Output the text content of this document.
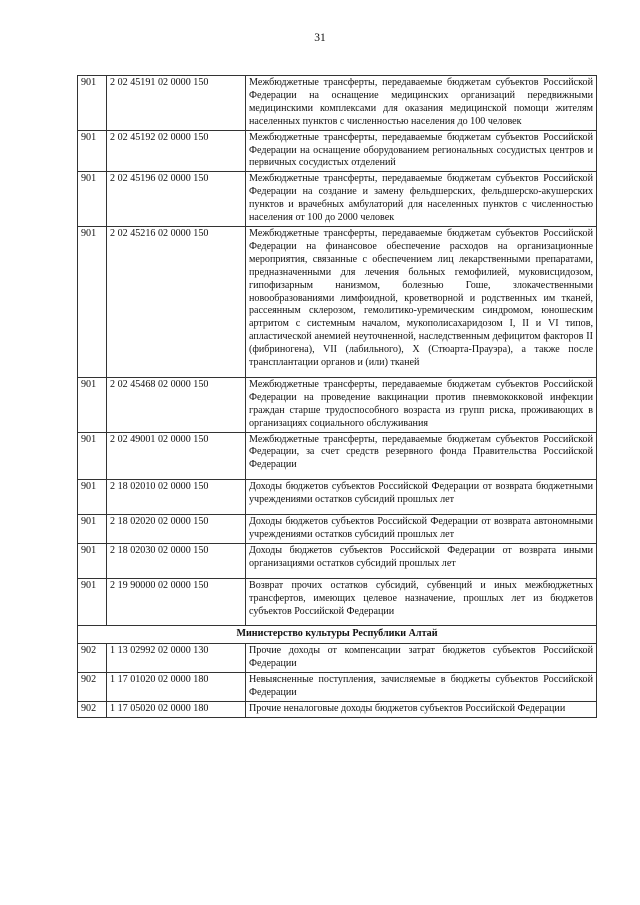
31
901	2 02 45191 02 0000 150	Межбюджетные трансферты, передаваемые бюджетам субъектов Российской Федерации на оснащение медицинских организаций передвижными медицинскими комплексами для оказания медицинской помощи жителям населенных пунктов с численностью населения до 100 человек
901	2 02 45192 02 0000 150	Межбюджетные трансферты, передаваемые бюджетам субъектов Российской Федерации на оснащение оборудованием региональных сосудистых центров и первичных сосудистых отделений
901	2 02 45196 02 0000 150	Межбюджетные трансферты, передаваемые бюджетам субъектов Российской Федерации на создание и замену фельдшерских, фельдшерско-акушерских пунктов и врачебных амбулаторий для населенных пунктов с численностью населения от 100 до 2000 человек
901	2 02 45216 02 0000 150	Межбюджетные трансферты, передаваемые бюджетам субъектов Российской Федерации на финансовое обеспечение расходов на организационные мероприятия, связанные с обеспечением лиц лекарственными препаратами, предназначенными для лечения больных гемофилией, муковисцидозом, гипофизарным нанизмом, болезнью Гоше, злокачественными новообразованиями лимфоидной, кроветворной и родственных им тканей, рассеянным склерозом, гемолитико-уремическим синдромом, юношеским артритом с системным началом, мукополисахаридозом I, II и VI типов, апластической анемией неуточненной, наследственным дефицитом факторов II (фибриногена), VII (лабильного), X (Стюарта-Прауэра), а также после трансплантации органов и (или) тканей
901	2 02 45468 02 0000 150	Межбюджетные трансферты, передаваемые бюджетам субъектов Российской Федерации на проведение вакцинации против пневмококковой инфекции граждан старше трудоспособного возраста из групп риска, проживающих в организациях социального обслуживания
901	2 02 49001 02 0000 150	Межбюджетные трансферты, передаваемые бюджетам субъектов Российской Федерации, за счет средств резервного фонда Правительства Российской Федерации
901	2 18 02010 02 0000 150	Доходы бюджетов субъектов Российской Федерации от возврата бюджетными учреждениями остатков субсидий прошлых лет
901	2 18 02020 02 0000 150	Доходы бюджетов субъектов Российской Федерации от возврата автономными учреждениями остатков субсидий прошлых лет
901	2 18 02030 02 0000 150	Доходы бюджетов субъектов Российской Федерации от возврата иными организациями остатков субсидий прошлых лет
901	2 19 90000 02 0000 150	Возврат прочих остатков субсидий, субвенций и иных межбюджетных трансфертов, имеющих целевое назначение, прошлых лет из бюджетов субъектов Российской Федерации
Министерство культуры Республики Алтай		
902	1 13 02992 02 0000 130	Прочие доходы от компенсации затрат бюджетов субъектов Российской Федерации
902	1 17 01020 02 0000 180	Невыясненные поступления, зачисляемые в бюджеты субъектов Российской Федерации
902	1 17 05020 02 0000 180	Прочие неналоговые доходы бюджетов субъектов Российской Федерации
